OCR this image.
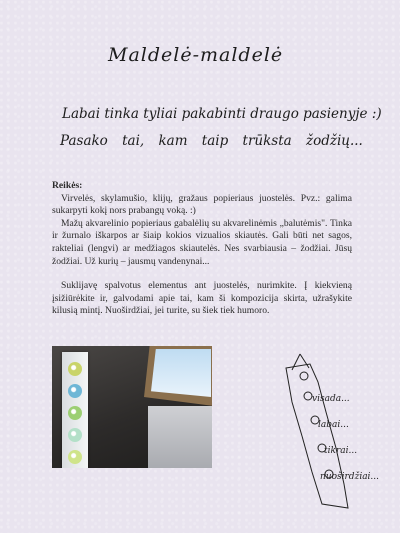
Maldelė-maldelė
Labai tinka tyliai pakabinti draugo pasienyje :)
Pasako tai, kam taip trūksta žodžių...

Reikės:

Virvelės, skylamušio, klijų, gražaus popieriaus juostelės. Pvz.: galima sukarpyti kokį nors prabangų voką. :)

Mažų akvarelinio popieriaus gabalėlių su akvarelinėmis „balutėmis". Tinka ir žurnalo iškarpos ar šiaip kokios vizualios skiautės. Gali būti net sagos, rakteliai (lengvi) ar medžiagos skiautelės. Nes svarbiausia – žodžiai. Jūsų žodžiai. Už kurių – jausmų vandenynai...

Suklijavę spalvotus elementus ant juostelės, nurimkite. Į kiekvieną įsižiūrėkite ir, galvodami apie tai, kam ši kompozicija skirta, užrašykite kilusią mintį. Nuoširdžiai, jei turite, su šiek tiek humoro.

visada...
labai...
tikrai...
nuoširdžiai...
